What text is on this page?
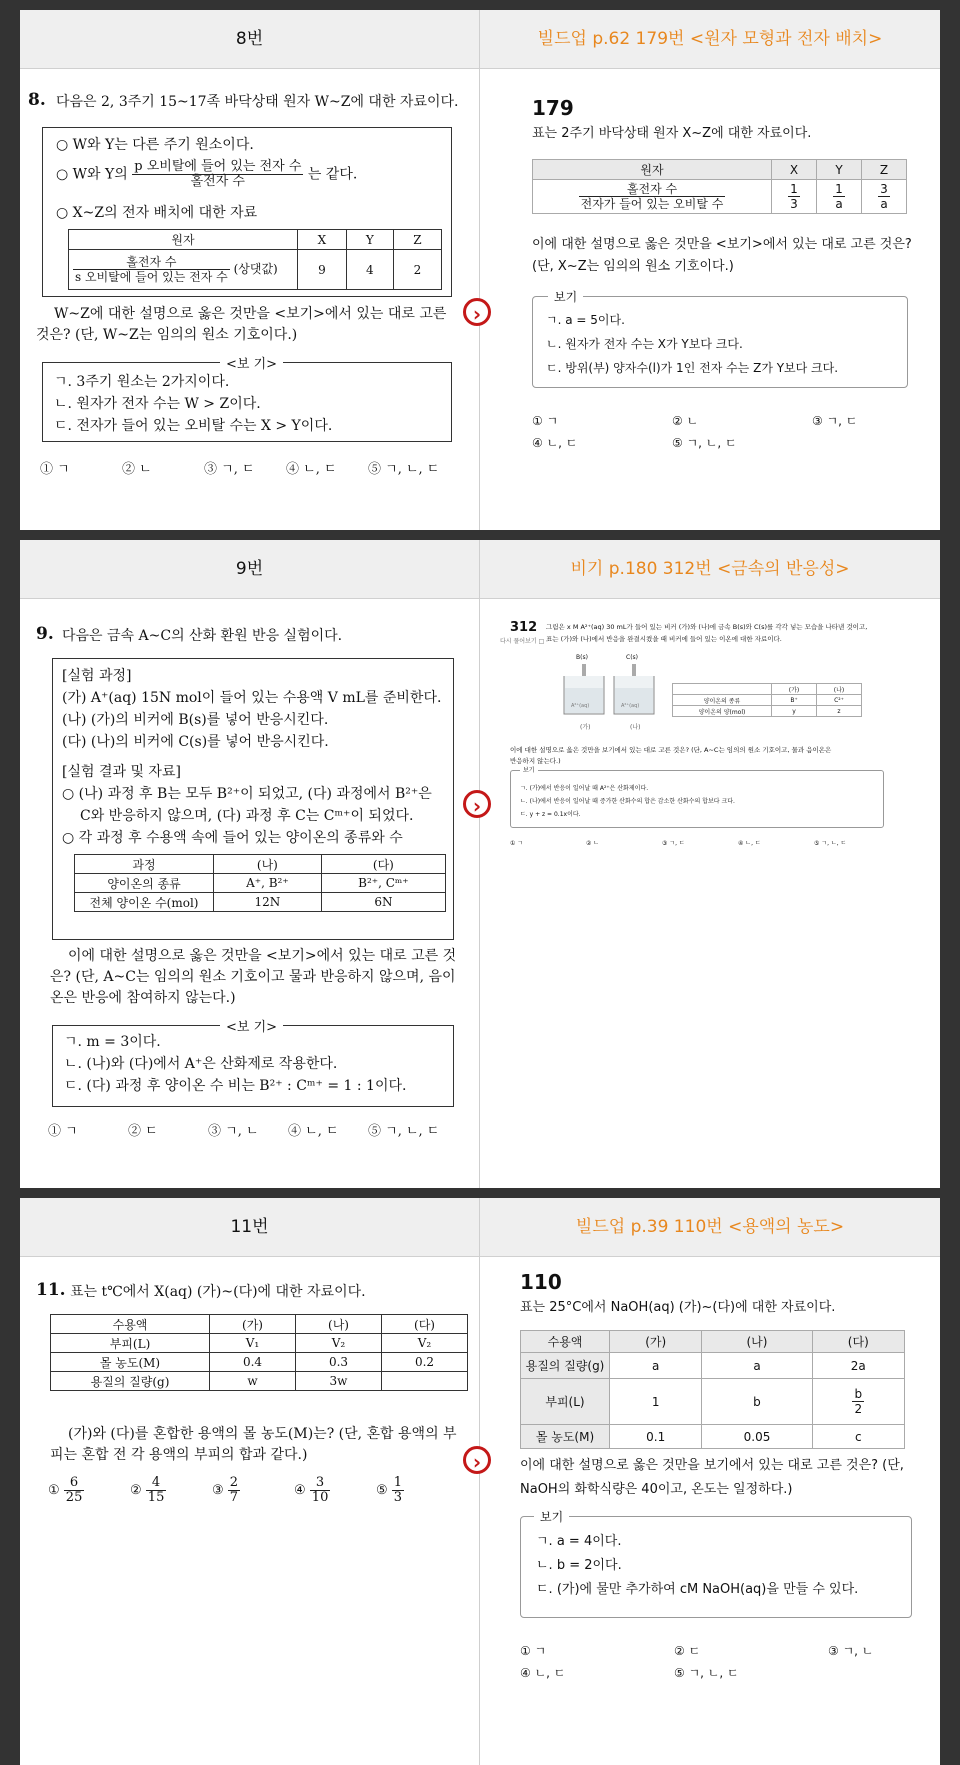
8번	빌드업 p.62 179번 <원자 모형과 전자 배치>
8. 다음은 2, 3주기 15~17족 바닥상태 원자 W~Z에 대한 자료이다.
○ W와 Y는 다른 주기 원소이다.
○ W와 Y의 $\frac{\text{p 오비탈에 들어 있는 전자 수}}{\text{홀전자 수}}$ 는 같다.
○ X~Z의 전자 배치에 대한 자료
원자	X	Y	Z

$\frac{\text{홀전자 수}}{\text{s 오비탈에 들어 있는 전자 수}}$ (상댓값)	9	4	2
W~Z에 대한 설명으로 옳은 것만을 <보기>에서 있는 대로 고른 것은? (단, W~Z는 임의의 원소 기호이다.)
<보 기>
ㄱ. 3주기 원소는 2가지이다.
ㄴ. 원자가 전자 수는 W > Z이다.
ㄷ. 전자가 들어 있는 오비탈 수는 X > Y이다.
① ㄱ	② ㄴ	③ ㄱ, ㄷ ④ ㄴ, ㄷ ⑤ ㄱ, ㄴ, ㄷ
›
179
표는 2주기 바닥상태 원자 X~Z에 대한 자료이다.
원자	X	Y	Z

$\frac{\text{홀전자 수}}{\text{전자가 들어 있는 오비탈 수}}$	$\frac{1}{3}$	$\frac{1}{a}$	$\frac{3}{a}$
이에 대한 설명으로 옳은 것만을 <보기>에서 있는 대로 고른 것은? (단, X~Z는 임의의 원소 기호이다.)
보기
ㄱ. a = 5이다.
ㄴ. 원자가 전자 수는 X가 Y보다 크다.
ㄷ. 방위(부) 양자수(l)가 1인 전자 수는 Z가 Y보다 크다.
① ㄱ	② ㄴ	③ ㄱ, ㄷ
④ ㄴ, ㄷ	⑤ ㄱ, ㄴ, ㄷ
9번	비기 p.180 312번 <금속의 반응성>
9. 다음은 금속 A~C의 산화 환원 반응 실험이다.
[실험 과정]
(가) A⁺(aq) 15N mol이 들어 있는 수용액 V mL를 준비한다.
(나) (가)의 비커에 B(s)를 넣어 반응시킨다.
(다) (나)의 비커에 C(s)를 넣어 반응시킨다.
[실험 결과 및 자료]
○ (나) 과정 후 B는 모두 B²⁺이 되었고, (다) 과정에서 B²⁺은
C와 반응하지 않으며, (다) 과정 후 C는 Cᵐ⁺이 되었다.
○ 각 과정 후 수용액 속에 들어 있는 양이온의 종류와 수
과정	(나)	(다)
양이온의 종류	A⁺, B²⁺	B²⁺, Cᵐ⁺
전체 양이온 수(mol)	12N	6N
이에 대한 설명으로 옳은 것만을 <보기>에서 있는 대로 고른 것은? (단, A~C는 임의의 원소 기호이고 물과 반응하지 않으며, 음이온은 반응에 참여하지 않는다.)
<보 기>
ㄱ. m = 3이다.
ㄴ. (나)와 (다)에서 A⁺은 산화제로 작용한다.
ㄷ. (다) 과정 후 양이온 수 비는 B²⁺ : Cᵐ⁺ = 1 : 1이다.
① ㄱ	② ㄷ	③ ㄱ, ㄴ ④ ㄴ, ㄷ ⑤ ㄱ, ㄴ, ㄷ
›
312
다시 풀어보기 □
그림은 x M A²⁺(aq) 30 mL가 들어 있는 비커 (가)와 (나)에 금속 B(s)와 C(s)를 각각 넣는 모습을 나타낸 것이고,
표는 (가)와 (나)에서 반응을 완결시켰을 때 비커에 들어 있는 이온에 대한 자료이다.
B(s)	C(s)
A²⁺(aq)	A²⁺(aq)
(가)	(나)
	(가)	(나)
양이온의 종류	B⁺	C²⁺
양이온의 양(mol)	y	z
이에 대한 설명으로 옳은 것만을 보기에서 있는 대로 고른 것은? (단, A~C는 임의의 원소 기호이고, 물과 음이온은
반응하지 않는다.)
보기
ㄱ. (가)에서 반응이 일어날 때 A²⁺은 산화제이다.
ㄴ. (나)에서 반응이 일어날 때 증가한 산화수의 합은 감소한 산화수의 합보다 크다.
ㄷ. y + z = 0.1x이다.
① ㄱ	② ㄴ	③ ㄱ, ㄷ	④ ㄴ, ㄷ	⑤ ㄱ, ㄴ, ㄷ
11번	빌드업 p.39 110번 <용액의 농도>
11. 표는 t℃에서 X(aq) (가)~(다)에 대한 자료이다.
수용액	(가)	(나)	(다)
부피(L)	V₁	V₂	V₂
몰 농도(M)	0.4	0.3	0.2
용질의 질량(g)	w	3w	
(가)와 (다)를 혼합한 용액의 몰 농도(M)는? (단, 혼합 용액의 부피는 혼합 전 각 용액의 부피의 합과 같다.)
① $\frac{6}{25}$	② $\frac{4}{15}$	③ $\frac{2}{7}$	④ $\frac{3}{10}$	⑤ $\frac{1}{3}$
›
110
표는 25°C에서 NaOH(aq) (가)~(다)에 대한 자료이다.
수용액	(가)	(나)	(다)
용질의 질량(g)	a	a	2a
부피(L)	1	b	$\frac{b}{2}$

몰 농도(M)	0.1	0.05	c
이에 대한 설명으로 옳은 것만을 보기에서 있는 대로 고른 것은? (단, NaOH의 화학식량은 40이고, 온도는 일정하다.)
보기
ㄱ. a = 4이다.
ㄴ. b = 2이다.
ㄷ. (가)에 물만 추가하여 cM NaOH(aq)을 만들 수 있다.
① ㄱ	② ㄷ	③ ㄱ, ㄴ
④ ㄴ, ㄷ	⑤ ㄱ, ㄴ, ㄷ
